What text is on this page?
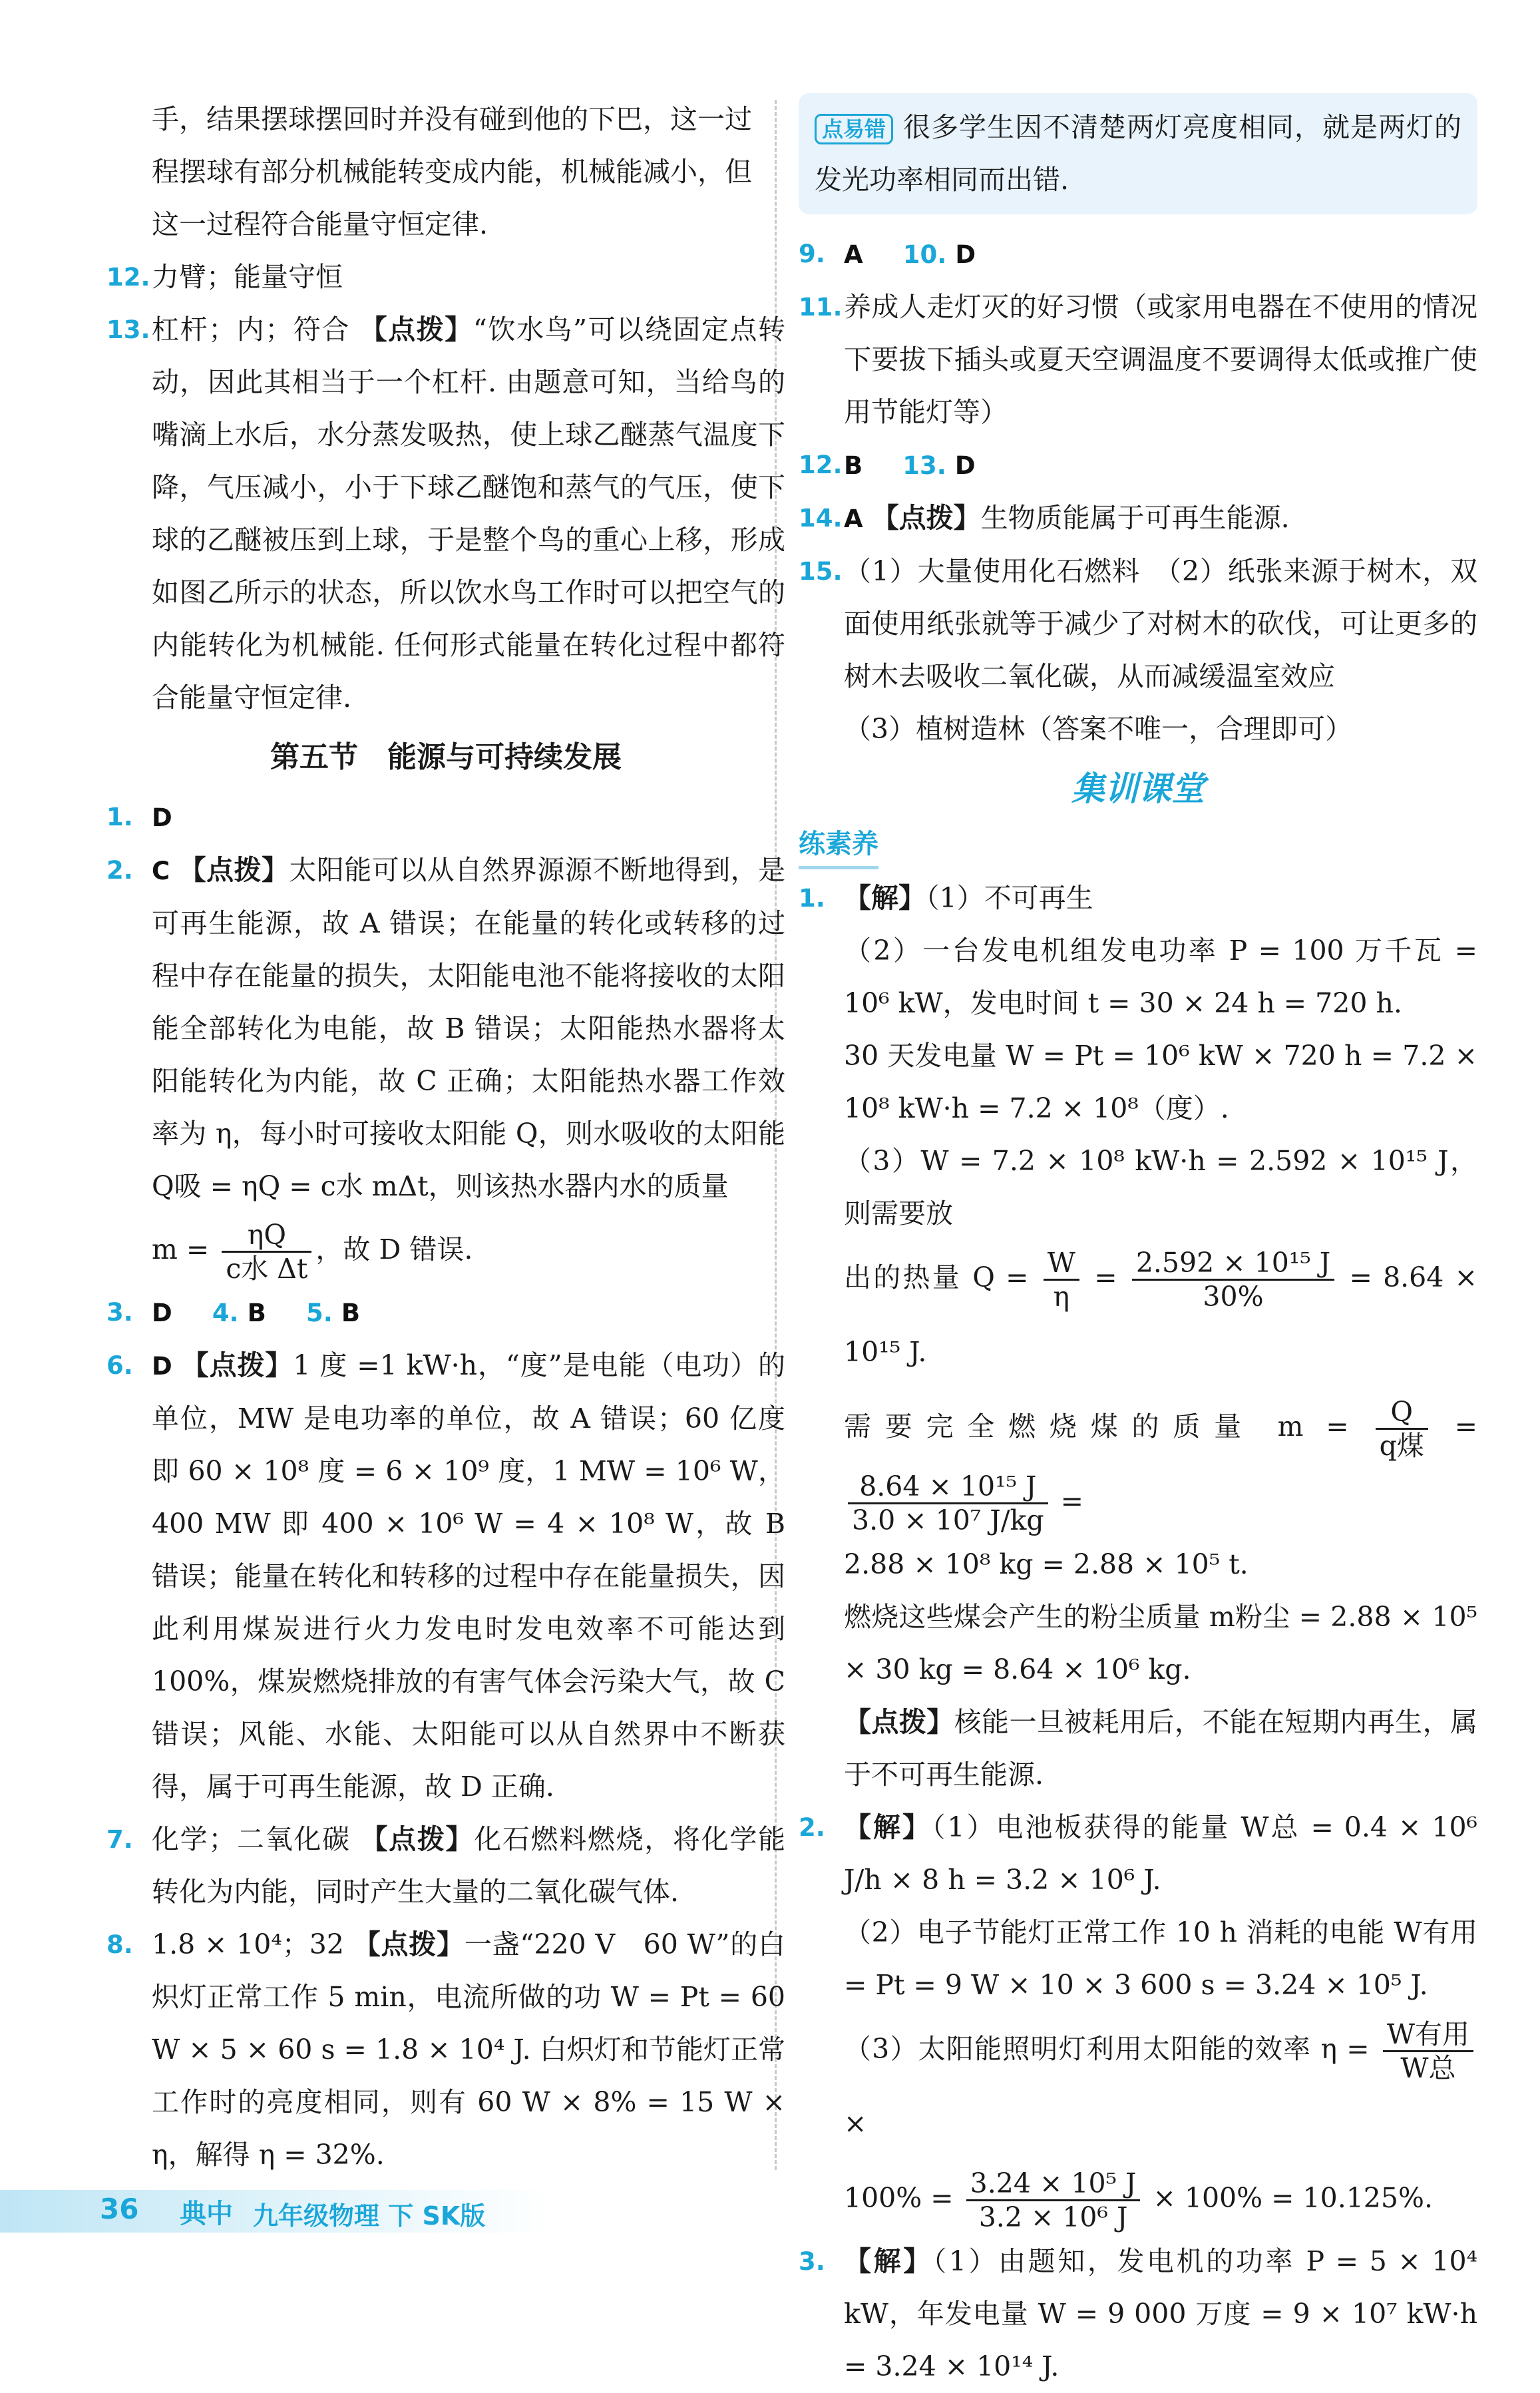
手，结果摆球摆回时并没有碰到他的下巴，这一过
程摆球有部分机械能转变成内能，机械能减小，但
这一过程符合能量守恒定律.
12. 力臂；能量守恒
13. 杠杆；内；符合 【点拨】“饮水鸟”可以绕固定点转动，因此其相当于一个杠杆. 由题意可知，当给鸟的嘴滴上水后，水分蒸发吸热，使上球乙醚蒸气温度下降，气压减小，小于下球乙醚饱和蒸气的气压，使下球的乙醚被压到上球，于是整个鸟的重心上移，形成如图乙所示的状态，所以饮水鸟工作时可以把空气的内能转化为机械能. 任何形式能量在转化过程中都符合能量守恒定律.
第五节　能源与可持续发展
1. D
2. C 【点拨】太阳能可以从自然界源源不断地得到，是可再生能源，故 A 错误；在能量的转化或转移的过程中存在能量的损失，太阳能电池不能将接收的太阳能全部转化为电能，故 B 错误；太阳能热水器将太阳能转化为内能，故 C 正确；太阳能热水器工作效率为 η，每小时可接收太阳能 Q，则水吸收的太阳能 Q吸 = ηQ = c水 mΔt，则该热水器内水的质量
$m = \frac{\eta Q}{\text{c水 Δt}}$ ，故 D 错误.
3. D 4. B 5. B
6. D 【点拨】1 度 =1 kW·h，“度”是电能（电功）的单位，MW 是电功率的单位，故 A 错误；60 亿度即 60 × 10⁸ 度 = 6 × 10⁹ 度，1 MW = 10⁶ W，400 MW 即 400 × 10⁶ W = 4 × 10⁸ W，故 B 错误；能量在转化和转移的过程中存在能量损失，因此利用煤炭进行火力发电时发电效率不可能达到 100%，煤炭燃烧排放的有害气体会污染大气，故 C 错误；风能、水能、太阳能可以从自然界中不断获得，属于可再生能源，故 D 正确.
7. 化学；二氧化碳 【点拨】化石燃料燃烧，将化学能转化为内能，同时产生大量的二氧化碳气体.
8. 1.8 × 10⁴；32 【点拨】一盏“220 V　60 W”的白炽灯正常工作 5 min，电流所做的功 W = Pt = 60 W × 5 × 60 s = 1.8 × 10⁴ J. 白炽灯和节能灯正常工作时的亮度相同，则有 60 W × 8% = 15 W × η，解得 η = 32%.
点易错 很多学生因不清楚两灯亮度相同，就是两灯的发光功率相同而出错.
9. A 10. D
11. 养成人走灯灭的好习惯（或家用电器在不使用的情况下要拔下插头或夏天空调温度不要调得太低或推广使用节能灯等）
12. B 13. D
14. A 【点拨】生物质能属于可再生能源.
15. （1）大量使用化石燃料　（2）纸张来源于树木，双面使用纸张就等于减少了对树木的砍伐，可让更多的树木去吸收二氧化碳，从而减缓温室效应
（3）植树造林（答案不唯一，合理即可）
集训课堂
练素养
1. 【解】（1）不可再生
（2）一台发电机组发电功率 P = 100 万千瓦 = 10⁶ kW，发电时间 t = 30 × 24 h = 720 h.
30 天发电量 W = Pt = 10⁶ kW × 720 h = 7.2 × 10⁸ kW·h = 7.2 × 10⁸（度）.
（3）W = 7.2 × 10⁸ kW·h = 2.592 × 10¹⁵ J，则需要放
出的热量 $Q = \frac{W}{\eta} = \frac{\text{2.592 × 10¹⁵ J}}{30\%} = 8.64 \times 10^{15}$ J.
需要完全燃烧煤的质量 $m = \frac{Q}{\text{q煤}}$ =
$\frac{\text{8.64 × 10¹⁵ J}}{\text{3.0 × 10⁷ J/kg}}$ =
2.88 × 10⁸ kg = 2.88 × 10⁵ t.
燃烧这些煤会产生的粉尘质量 m粉尘 = 2.88 × 10⁵ × 30 kg = 8.64 × 10⁶ kg.
【点拨】核能一旦被耗用后，不能在短期内再生，属于不可再生能源.
2. 【解】（1）电池板获得的能量 W总 = 0.4 × 10⁶ J/h × 8 h = 3.2 × 10⁶ J.
（2）电子节能灯正常工作 10 h 消耗的电能 W有用 = Pt = 9 W × 10 × 3 600 s = 3.24 × 10⁵ J.
（3）太阳能照明灯利用太阳能的效率 $\eta = \frac{\text{W有用}}{\text{W总}}$
×
$100\% = \frac{\text{3.24 × 10⁵ J}}{\text{3.2 × 10⁶ J}} \times 100\% = 10.125\%$.
3. 【解】（1）由题知，发电机的功率 P = 5 × 10⁴ kW，年发电量 W = 9 000 万度 = 9 × 10⁷ kW·h = 3.24 × 10¹⁴ J.
36 典中 九年级物理 下 SK版
